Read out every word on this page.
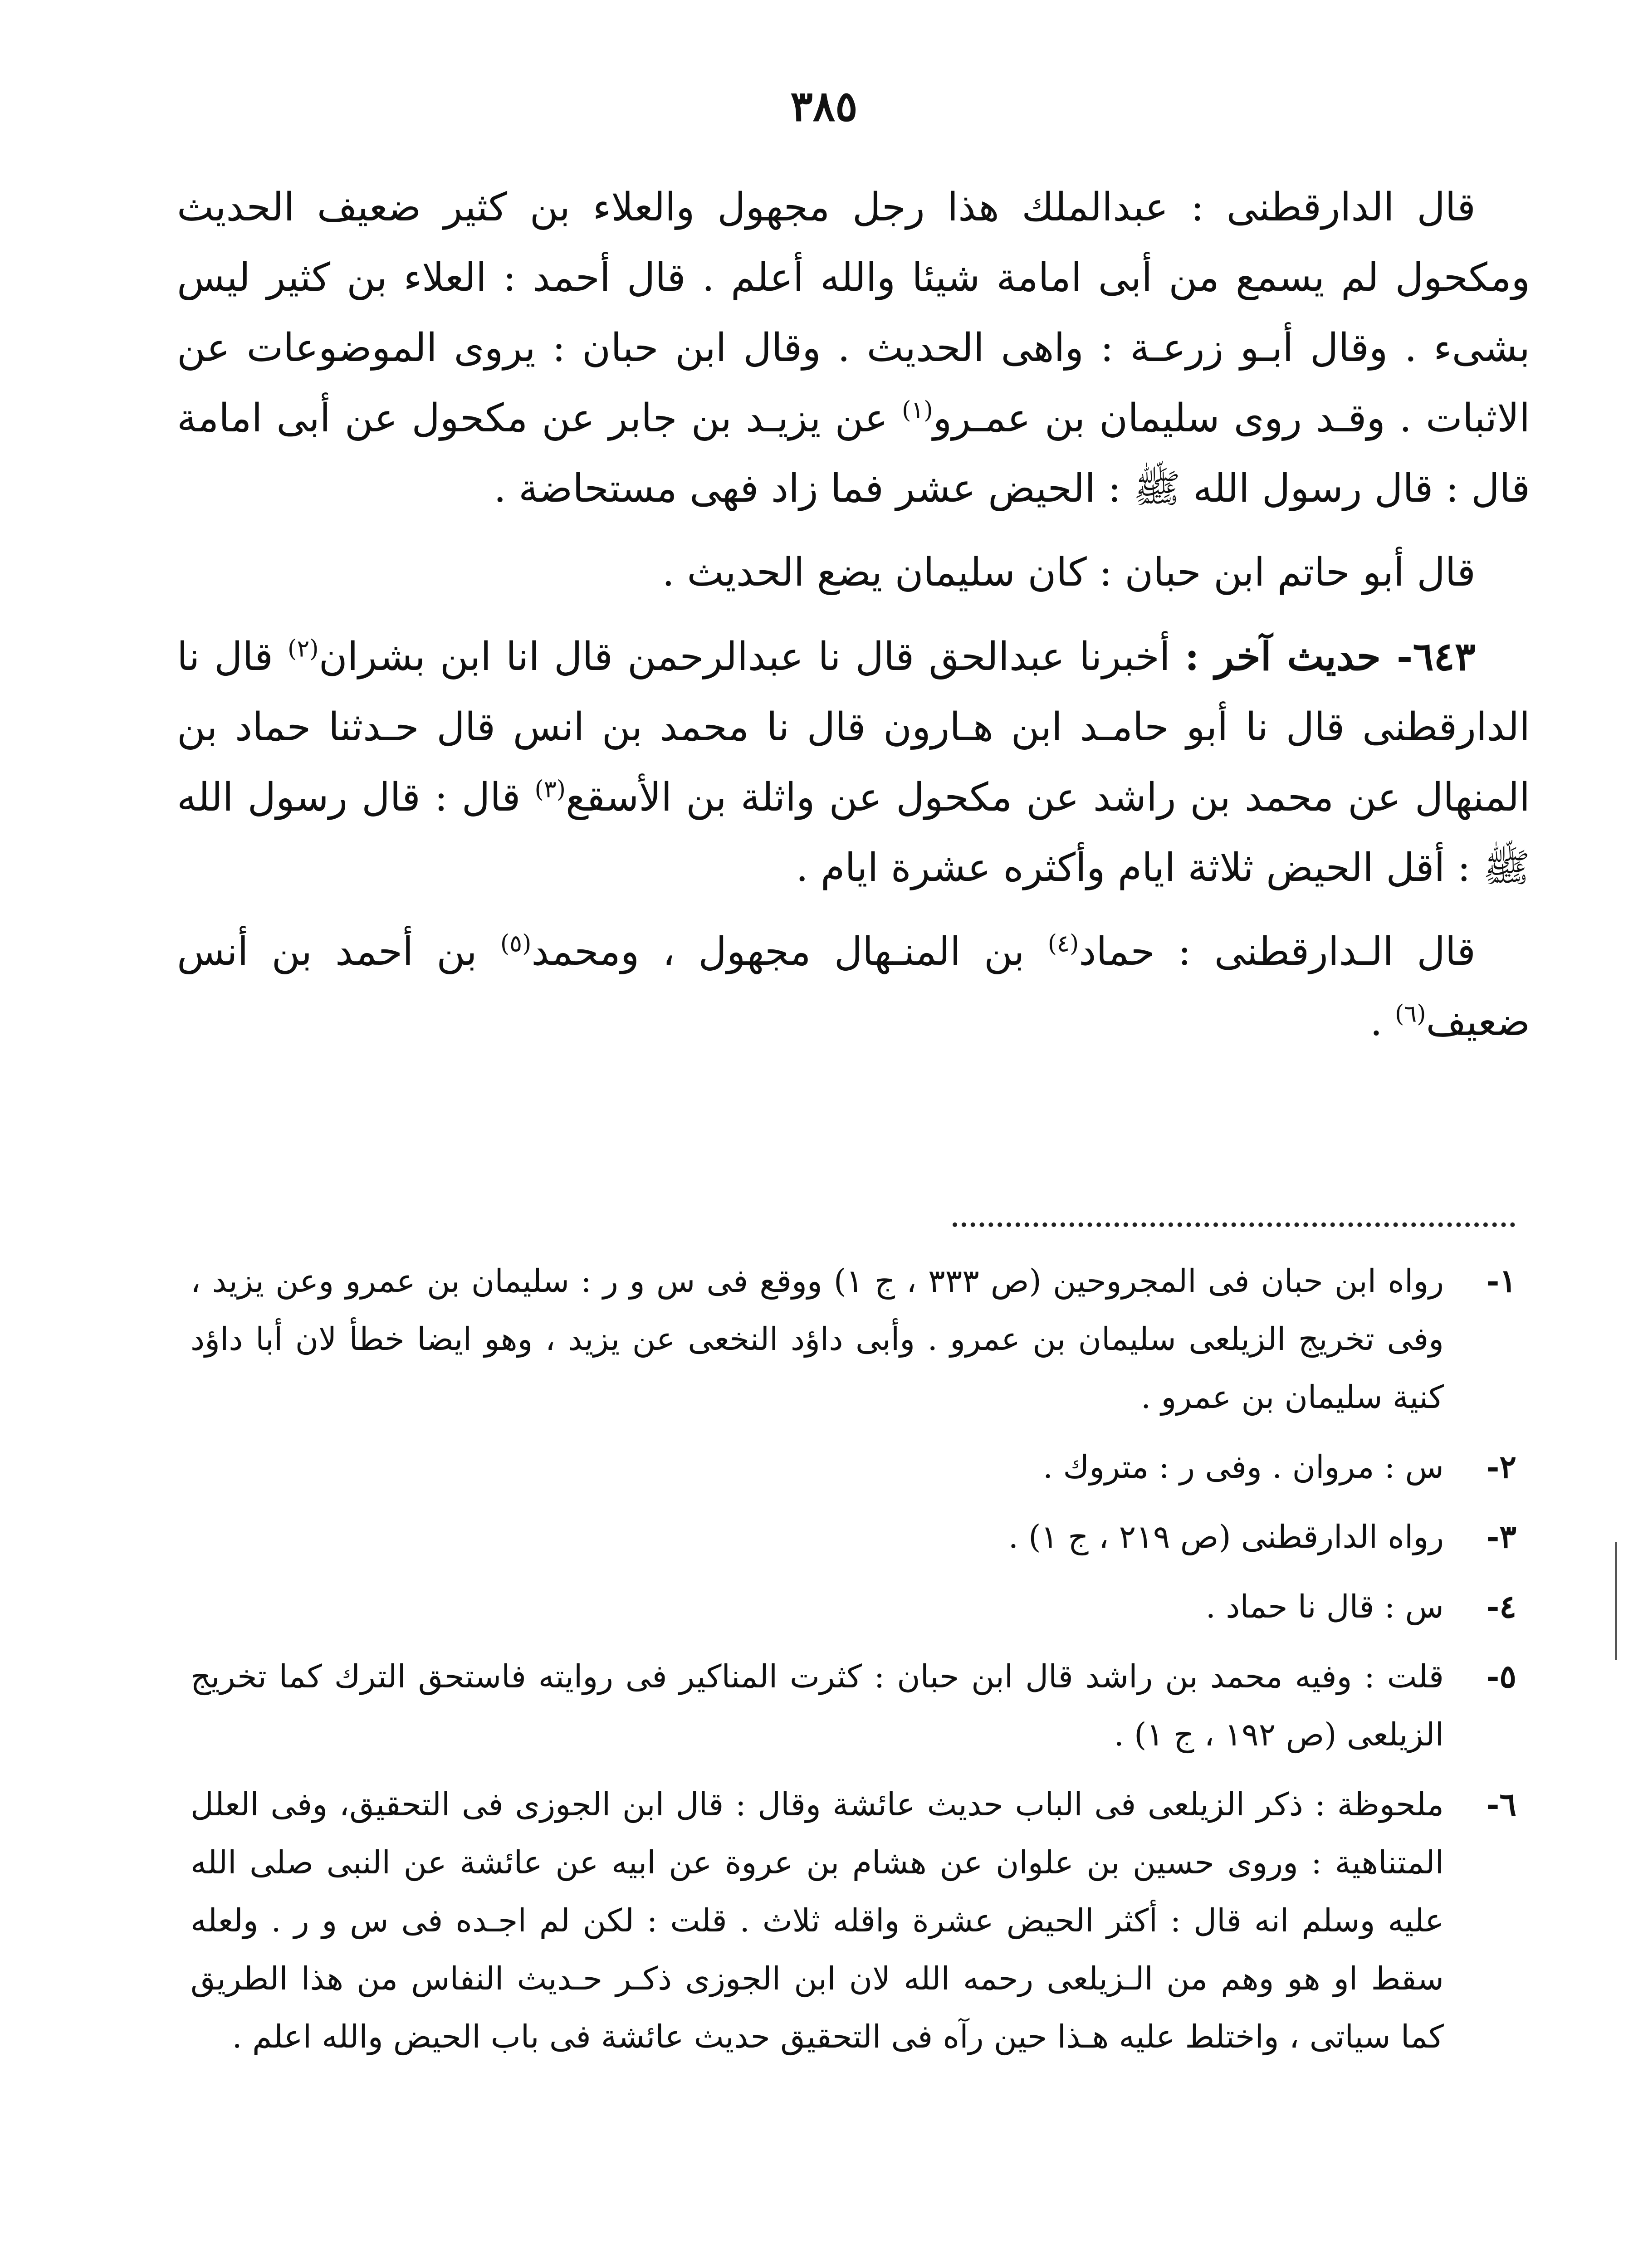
٣٨٥

قال الدارقطنى : عبدالملك هذا رجل مجهول والعلاء بن كثير ضعيف الحديث ومكحول لم يسمع من أبى امامة شيئا والله أعلم . قال أحمد : العلاء بن كثير ليس بشىء . وقال أبـو زرعـة : واهى الحديث . وقال ابن حبان : يروى الموضوعات عن الاثبات . وقـد روى سليمان بن عمـرو$^{(١)}$ عن يزيـد بن جابر عن مكحول عن أبى امامة قال : قال رسول الله ﷺ : الحيض عشر فما زاد فهى مستحاضة .

قال أبو حاتم ابن حبان : كان سليمان يضع الحديث .

٦٤٣- حديث آخر : أخبرنا عبدالحق قال نا عبدالرحمن قال انا ابن بشران$^{(٢)}$ قال نا الدارقطنى قال نا أبو حامـد ابن هـارون قال نا محمد بن انس قال حـدثنا حماد بن المنهال عن محمد بن راشد عن مكحول عن واثلة بن الأسقع$^{(٣)}$ قال : قال رسول الله ﷺ : أقل الحيض ثلاثة ايام وأكثره عشرة ايام .

قال الـدارقطنى : حماد$^{(٤)}$ بن المنـهال مجهول ، ومحمد$^{(٥)}$ بن أحمد بن أنس ضعيف$^{(٦)}$ .

١-
رواه ابن حبان فى المجروحين (ص ٣٣٣ ، ج ١) ووقع فى س و ر : سليمان بن عمرو وعن يزيد ، وفى تخريج الزيلعى سليمان بن عمرو . وأبى داؤد النخعى عن يزيد ، وهو ايضا خطأ لان أبا داؤد كنية سليمان بن عمرو .
٢-
س : مروان . وفى ر : متروك .
٣-
رواه الدارقطنى (ص ٢١٩ ، ج ١) .
٤-
س : قال نا حماد .
٥-
قلت : وفيه محمد بن راشد قال ابن حبان : كثرت المناكير فى روايته فاستحق الترك كما تخريج الزيلعى (ص ١٩٢ ، ج ١) .
٦-
ملحوظة : ذكر الزيلعى فى الباب حديث عائشة وقال : قال ابن الجوزى فى التحقيق، وفى العلل المتناهية : وروى حسين بن علوان عن هشام بن عروة عن ابيه عن عائشة عن النبى صلى الله عليه وسلم انه قال : أكثر الحيض عشرة واقله ثلاث . قلت : لكن لم اجـده فى س و ر . ولعله سقط او هو وهم من الـزيلعى رحمه الله لان ابن الجوزى ذكـر حـديث النفاس من هذا الطريق كما سياتى ، واختلط عليه هـذا حين رآه فى التحقيق حديث عائشة فى باب الحيض والله اعلم .
